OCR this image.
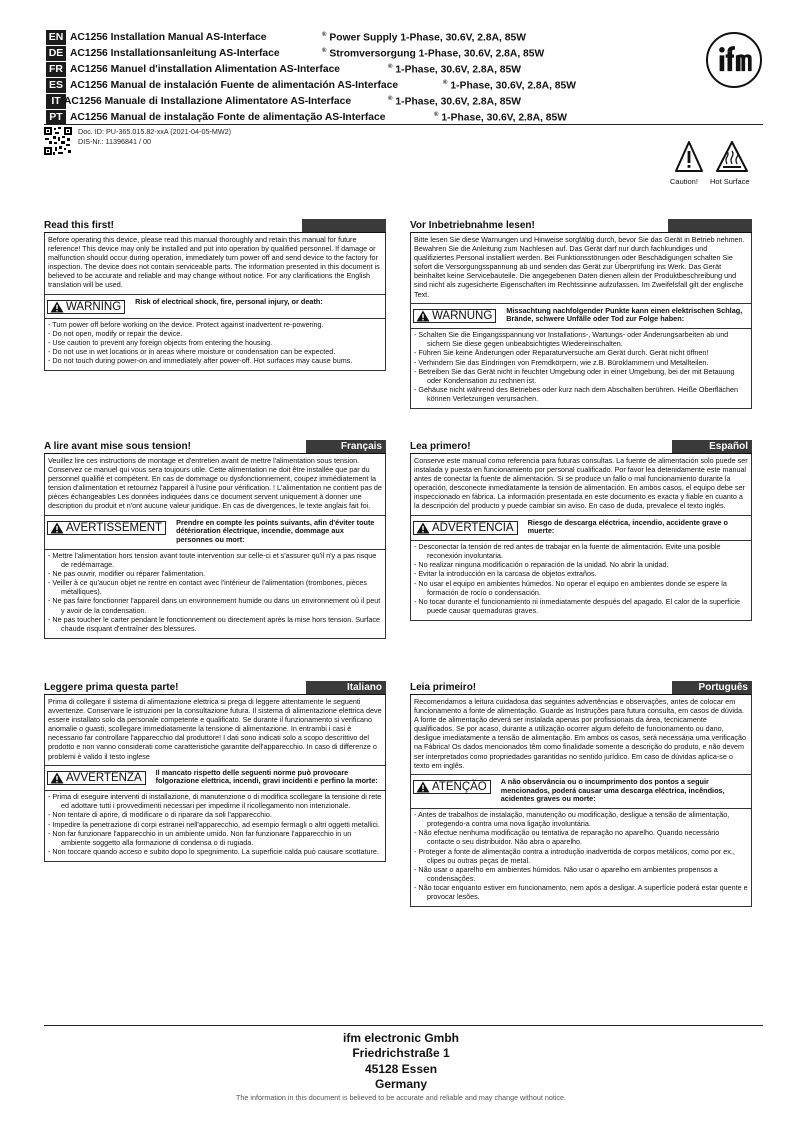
EN AC1256 Installation Manual AS-Interface	® Power Supply 1-Phase, 30.6V, 2.8A, 85W
DE AC1256 Installationsanleitung AS-Interface	® Stromversorgung 1-Phase, 30.6V, 2.8A, 85W
FR AC1256 Manuel d'installation Alimentation AS-Interface	® 1-Phase, 30.6V, 2.8A, 85W
ES AC1256 Manual de instalación Fuente de alimentación AS-Interface	® 1-Phase, 30.6V, 2.8A, 85W
IT AC1256 Manuale di Installazione Alimentatore AS-Interface	® 1-Phase, 30.6V, 2.8A, 85W
PT AC1256 Manual de instalação Fonte de alimentação AS-Interface	® 1-Phase, 30.6V, 2.8A, 85W
Doc. ID: PU-365.015.82-xxA (2021-04-05-MW2)
DIS-Nr.: 11396841 / 00
Caution! Hot Surface
Read this first!
Before operating this device, please read this manual thoroughly and retain this manual for future reference! This device may only be installed and put into operation by qualified personnel. If damage or malfunction should occur during operation, immediately turn power off and send device to the factory for inspection. The device does not contain serviceable parts. The information presented in this document is believed to be accurate and reliable and may change without notice. For any clarifications the English translation will be used.
WARNING	Risk of electrical shock, fire, personal injury, or death:
- Turn power off before working on the device. Protect against inadvertent re-powering.
- Do not open, modify or repair the device.
- Use caution to prevent any foreign objects from entering the housing.
- Do not use in wet locations or in areas where moisture or condensation can be expected.
- Do not touch during power-on and immediately after power-off. Hot surfaces may cause bums.
Vor Inbetriebnahme lesen!
Bitte lesen Sie diese Warnungen und Hinweise sorgfältig durch, bevor Sie das Gerät in Betrieb nehmen. Bewahren Sie die Anleitung zum Nachlesen auf. Das Gerät darf nur durch fachkundiges und qualifiziertes Personal installiert werden. Bei Funktionsstörungen oder Beschädigungen schalten Sie sofort die Versorgungsspannung ab und senden das Gerät zur Überprüfung ins Werk. Das Gerät beinhaltet keine Servicebauteile. Die angegebenen Daten dienen allein der Produktbeschreibung und sind nicht als zugesicherte Eigenschaften im Rechtssinne aufzufassen. Im Zweifelsfall gilt der englische Text.
WARNUNG	Missachtung nachfolgender Punkte kann einen elektrischen Schlag, Brände, schwere Unfälle oder Tod zur Folge haben:
- Schalten Sie die Eingangsspannung vor Installations-, Wartungs- oder Änderungsarbeiten ab und sichern Sie diese gegen unbeabsichtigtes Wiedereinschalten.
- Führen Sie keine Änderungen oder Reparaturversuche am Gerät durch. Gerät nicht öffnen!
- Verhindern Sie das Eindringen von Fremdkörpern, wie z.B. Büroklammern und Metallteilen.
- Betreiben Sie das Gerät nicht in feuchter Umgebung oder in einer Umgebung, bei der mit Betauung oder Kondensation zu rechnen ist.
- Gehäuse nicht während des Betriebes oder kurz nach dem Abschalten berühren. Heiße Oberflächen können Verletzungen verursachen.
A lire avant mise sous tension!	Français
Veuillez lire ces instructions de montage et d'entretien avant de mettre l'alimentation sous tension. Conservez ce manuel qui vous sera toujours utile. Cette alimentation ne doit être installée que par du personnel qualifié et compétent. En cas de dommage ou dysfonctionnement, coupez immédiatement la tension d'alimentation et retournez l'appareil à l'usine pour vérification. ! L'alimentation ne contient pas de pièces échangeables Les données indiquées dans ce document servent uniquement à donner une description du produit et n'ont aucune valeur juridique. En cas de divergences, le texte anglais fait foi.
AVERTISSEMENT	Prendre en compte les points suivants, afin d'éviter toute détérioration électrique, incendie, dommage aux personnes ou mort:
- Mettre l'alimentation hors tension avant toute intervention sur celle-ci et s'assurer qu'il n'y a pas risque de redémarrage.
- Ne pas ouvrir, modifier ou réparer l'alimentation.
- Veiller à ce qu'aucun objet ne rentre en contact avec l'intérieur de l'alimentation (trombones, pièces métalliques).
- Ne pas faire fonctionner l'appareil dans un environnement humide ou dans un environnement où il peut y avoir de la condensation.
- Ne pas toucher le carter pendant le fonctionnement ou directement après la mise hors tension. Surface chaude risquant d'entraîner des blessures.
Lea primero!	Español
Conserve este manual como referencia para futuras consultas. La fuente de alimentación solo puede ser instalada y puesta en funcionamiento por personal cualificado. Por favor lea detenidamente este manual antes de conectar la fuente de alimentación. Si se produce un fallo o mal funcionamiento durante la operación, desconecte inmediatamente la tensión de alimentación. En ambos casos, el equipo debe ser inspeccionado en fábrica. La información presentada en este documento es exacta y fiable en cuanto a la descripción del producto y puede cambiar sin aviso. En caso de duda, prevalece el texto inglés.
ADVERTENCIA	Riesgo de descarga eléctrica, incendio, accidente grave o muerte:
- Desconectar la tensión de red antes de trabajar en la fuente de alimentación. Evite una posible reconexión involuntaria.
- No realizar ninguna modificación o reparación de la unidad. No abrir la unidad.
- Evitar la introducción en la carcasa de objetos extraños.
- No usar el equipo en ambientes húmedos. No operar el equipo en ambientes donde se espere la formación de rocío o condensación.
- No tocar durante el funcionamiento ni inmediatamente después del apagado. El calor de la superficie puede causar quemaduras graves.
Leggere prima questa parte!	Italiano
Prima di collegare il sistema di alimentazione elettrica si prega di leggere attentamente le seguenti avvertenze. Conservare le istruzioni per la consultazione futura. Il sistema di alimentazione elettrica deve essere installato solo da personale competente e qualificato. Se durante il funzionamento si verificano anomalie o guasti, scollegare immediatamente la tensione di alimentazione. In entrambi i casi è necessario far controllare l'apparecchio dal produttore! I dati sono indicati solo a scopo descrittivo del prodotto e non vanno considerati come caratteristiche garantite dell'apparecchio. In caso di differenze o problemi è valido il testo inglese
AVVERTENZA	Il mancato rispetto delle seguenti norme può provocare folgorazione elettrica, incendi, gravi incidenti e perfino la morte:
- Prima di eseguire interventi di installazione, di manutenzione o di modifica scollegare la tensione di rete ed adottare tutti i provvedimenti necessari per impedirne il ricollegamento non intenzionale.
- Non tentare di aprire, di modificare o di riparare da soli l'apparecchio.
- Impedire la penetrazione di corpi estranei nell'apparecchio, ad esempio fermagli o altri oggetti metallici.
- Non far funzionare l'apparecchio in un ambiente umido. Non far funzionare l'apparecchio in un ambiente soggetto alla formazione di condensa o di rugiada.
- Non toccare quando acceso e subito dopo lo spegnimento. La superficie calda può causare scottature.
Leia primeiro!	Português
Recomendamos a leitura cuidadosa das seguintes advertências e observações, antes de colocar em funcionamento a fonte de alimentação. Guarde as Instruções para futura consulta, em casos de dúvida. A fonte de alimentação deverá ser instalada apenas por profissionais da área, tecnicamente qualificados. Se por acaso, durante a utilização ocorrer algum defeito de funcionamento ou dano, desligue imediatamente a tensão de alimentação. Em ambos os casos, será necessária uma verificação na Fábrica! Os dados mencionados têm como finalidade somente a descrição do produto, e não devem ser interpretados como propriedades garantidas no sentido jurídico. Em caso de dúvidas aplica-se o texto em inglês.
ATENÇÃO	A não observância ou o incumprimento dos pontos a seguir mencionados, poderá causar uma descarga eléctrica, incêndios, acidentes graves ou morte:
- Antes de trabalhos de instalação, manutenção ou modificação, desligue a tensão de alimentação, protegendo-a contra uma nova ligação involuntária.
- Não efectue nenhuma modificação ou tentativa de reparação no aparelho. Quando necessário contacte o seu distribuidor. Não abra o aparelho.
- Proteger a fonte de alimentação contra a introdução inadvertida de corpos metálicos, como por ex., clipes ou outras peças de metal.
- Não usar o aparelho em ambientes húmidos. Não usar o aparelho em ambientes propensos a condensações.
- Não tocar enquanto estiver em funcionamento, nem após a desligar. A superfície poderá estar quente e provocar lesões.
ifm electronic Gmbh
Friedrichstraße 1
45128 Essen
Germany
The information in this document is believed to be accurate and reliable and may change without notice.
